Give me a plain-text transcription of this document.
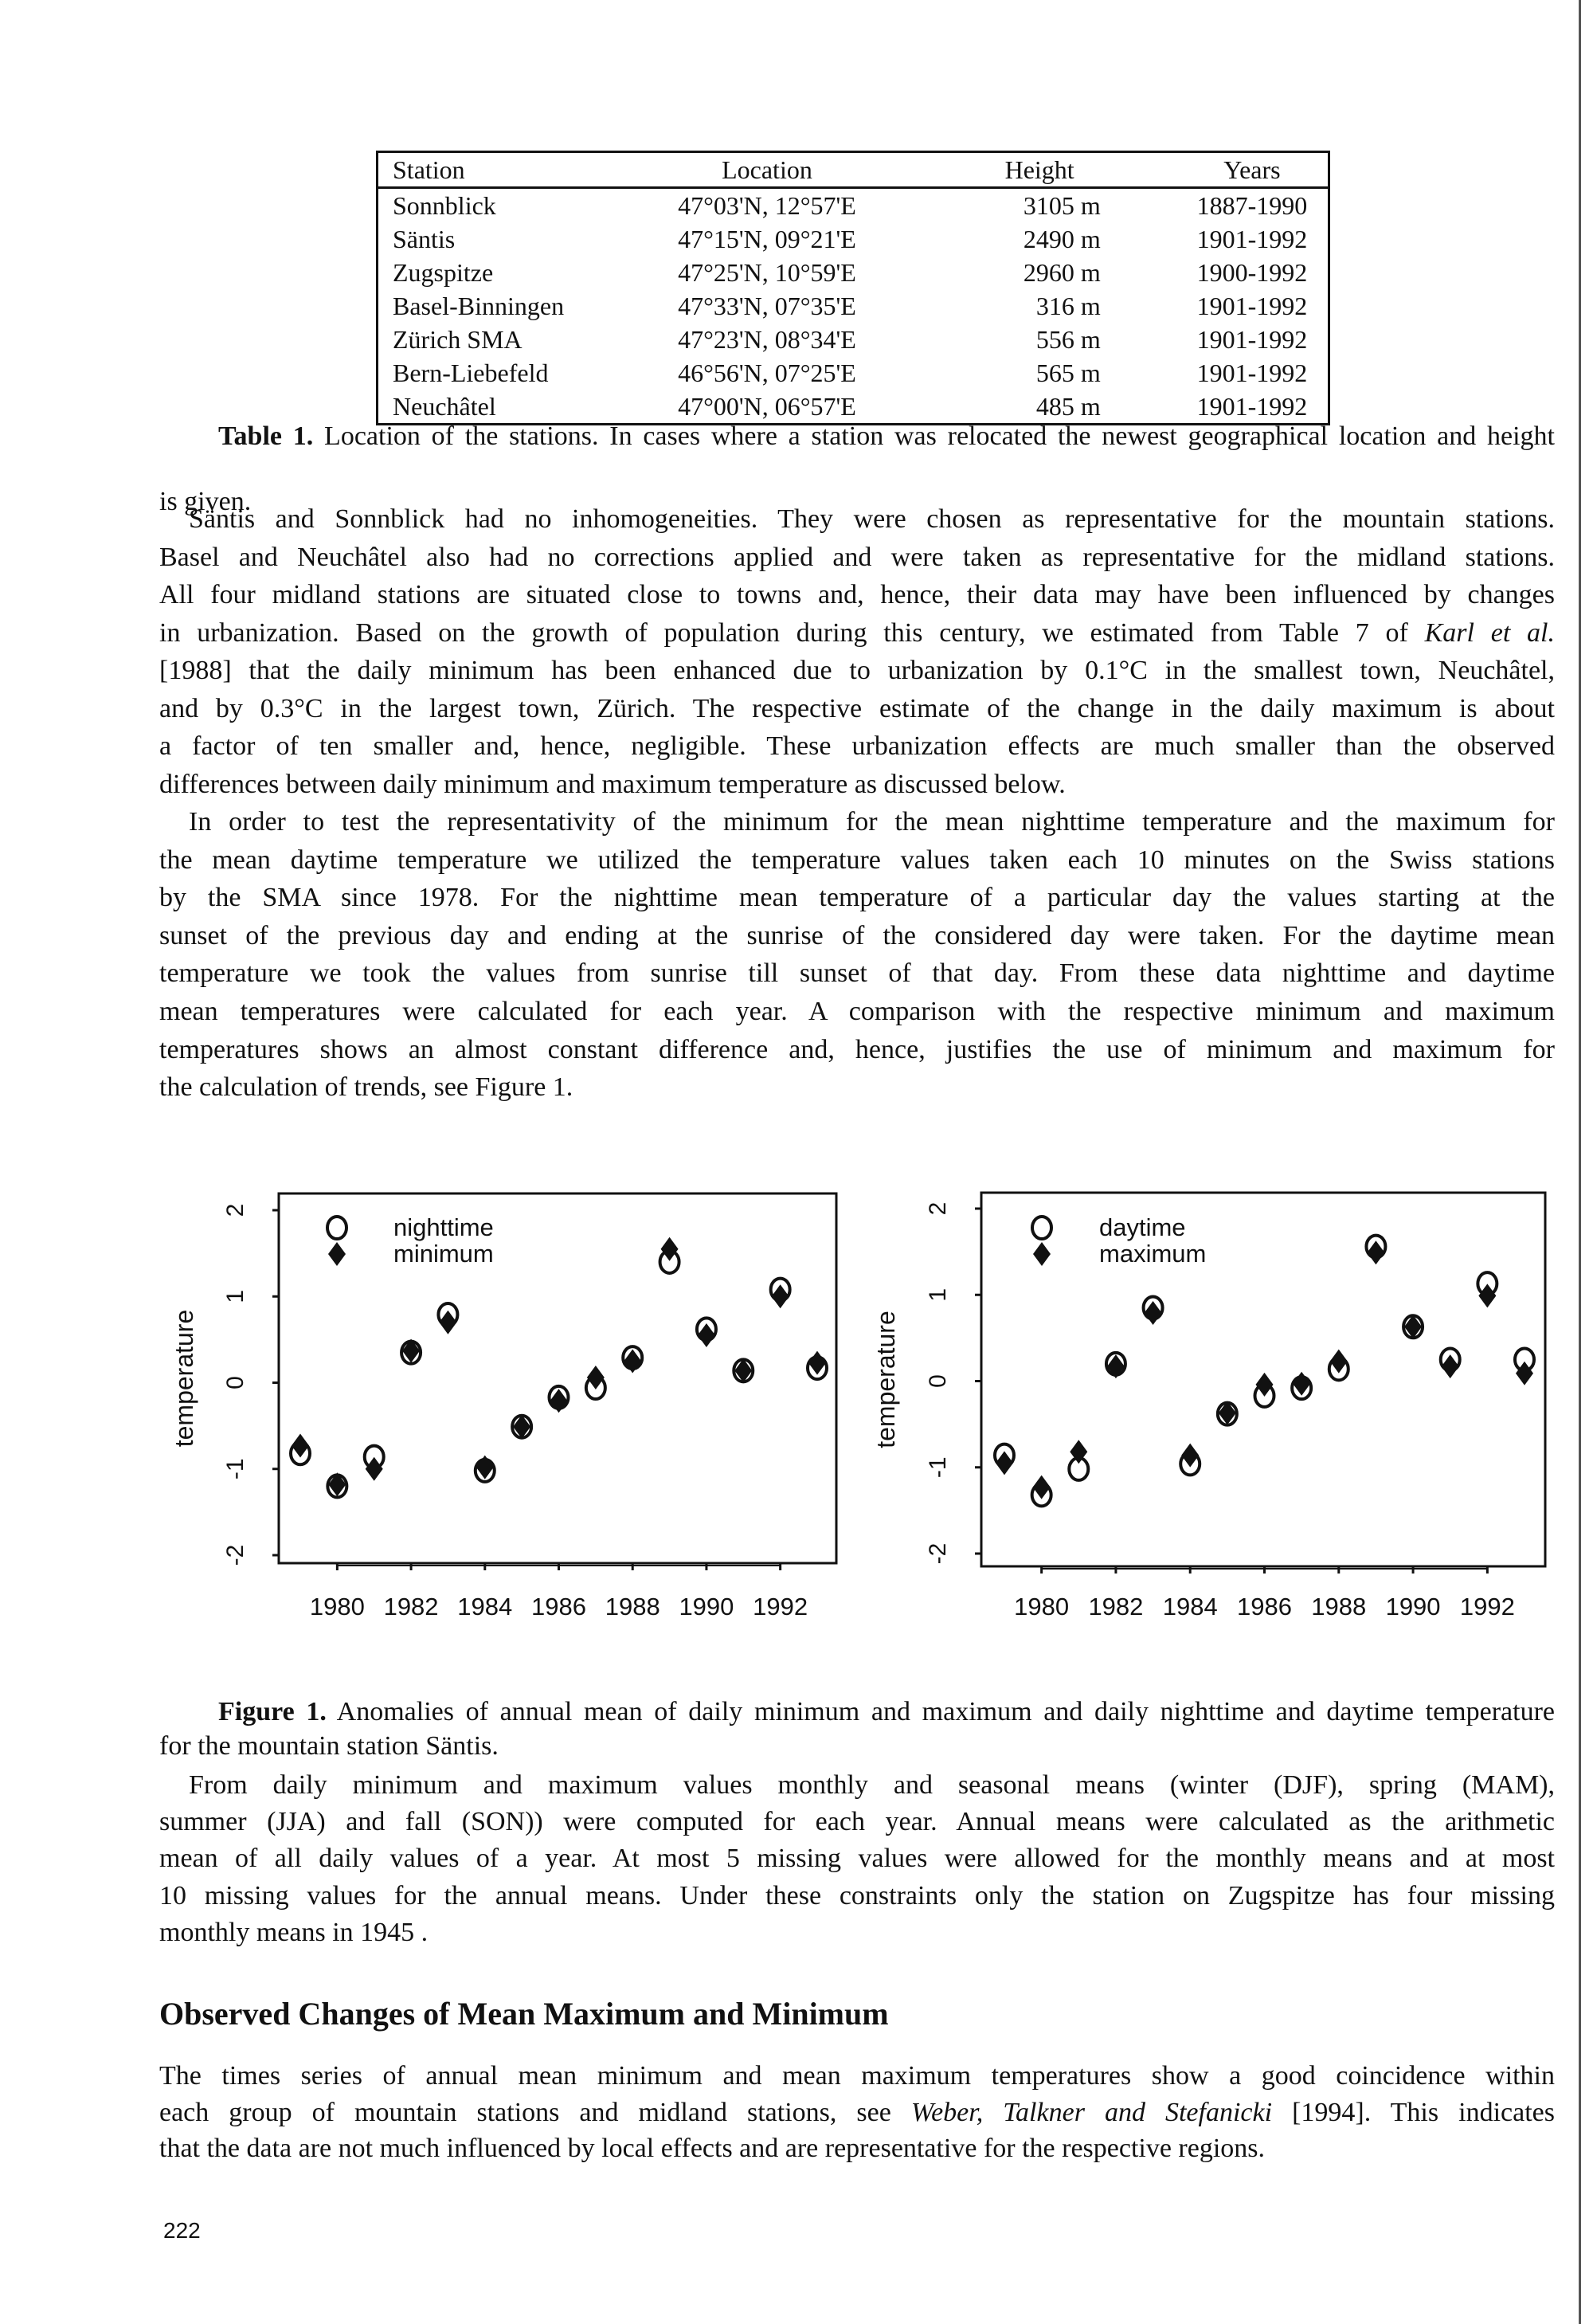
Station	Location	Height	Years
Sonnblick	47°03'N, 12°57'E	3105 m	1887-1990
Säntis	47°15'N, 09°21'E	2490 m	1901-1992
Zugspitze	47°25'N, 10°59'E	2960 m	1900-1992
Basel-Binningen	47°33'N, 07°35'E	316 m	1901-1992
Zürich SMA	47°23'N, 08°34'E	556 m	1901-1992
Bern-Liebefeld	46°56'N, 07°25'E	565 m	1901-1992
Neuchâtel	47°00'N, 06°57'E	485 m	1901-1992
Table 1. Location of the stations. In cases where a station was relocated the newest geographical location and height
is given.
Säntis and Sonnblick had no inhomogeneities. They were chosen as representative for the mountain stations.
Basel and Neuchâtel also had no corrections applied and were taken as representative for the midland stations.
All four midland stations are situated close to towns and, hence, their data may have been influenced by changes
in urbanization. Based on the growth of population during this century, we estimated from Table 7 of Karl et al.
[1988] that the daily minimum has been enhanced due to urbanization by 0.1°C in the smallest town, Neuchâtel,
and by 0.3°C in the largest town, Zürich. The respective estimate of the change in the daily maximum is about
a factor of ten smaller and, hence, negligible. These urbanization effects are much smaller than the observed
differences between daily minimum and maximum temperature as discussed below.
In order to test the representativity of the minimum for the mean nighttime temperature and the maximum for
the mean daytime temperature we utilized the temperature values taken each 10 minutes on the Swiss stations
by the SMA since 1978. For the nighttime mean temperature of a particular day the values starting at the
sunset of the previous day and ending at the sunrise of the considered day were taken. For the daytime mean
temperature we took the values from sunrise till sunset of that day. From these data nighttime and daytime
mean temperatures were calculated for each year. A comparison with the respective minimum and maximum
temperatures shows an almost constant difference and, hence, justifies the use of minimum and maximum for
the calculation of trends, see Figure 1.
-2
-1
0
1
2
temperature
1980 1982 1984 1986 1988 1990 1992
nighttime
minimum
-2
-1
0
1
2
temperature
1980 1982 1984 1986 1988 1990 1992
daytime
maximum
Figure 1. Anomalies of annual mean of daily minimum and maximum and daily nighttime and daytime temperature
for the mountain station Säntis.
From daily minimum and maximum values monthly and seasonal means (winter (DJF), spring (MAM),
summer (JJA) and fall (SON)) were computed for each year. Annual means were calculated as the arithmetic
mean of all daily values of a year. At most 5 missing values were allowed for the monthly means and at most
10 missing values for the annual means. Under these constraints only the station on Zugspitze has four missing
monthly means in 1945 .
Observed Changes of Mean Maximum and Minimum
The times series of annual mean minimum and mean maximum temperatures show a good coincidence within
each group of mountain stations and midland stations, see Weber, Talkner and Stefanicki [1994]. This indicates
that the data are not much influenced by local effects and are representative for the respective regions.
222
